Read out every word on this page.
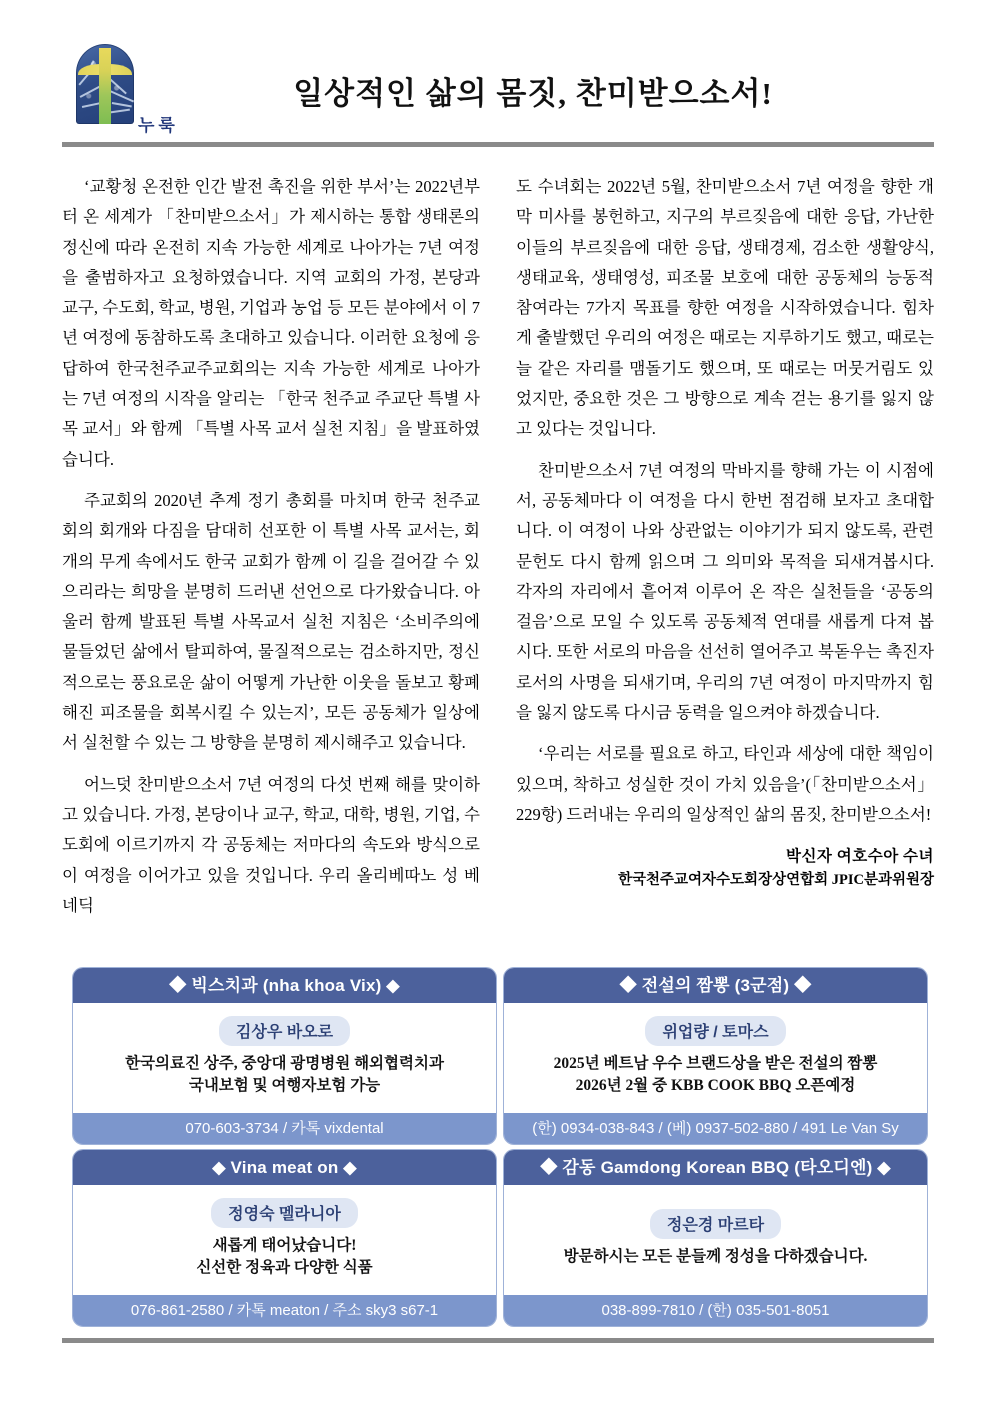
누룩
일상적인 삶의 몸짓, 찬미받으소서!

‘교황청 온전한 인간 발전 촉진을 위한 부서’는 2022년부터 온 세계가 「찬미받으소서」가 제시하는 통합 생태론의 정신에 따라 온전히 지속 가능한 세계로 나아가는 7년 여정을 출범하자고 요청하였습니다. 지역 교회의 가정, 본당과 교구, 수도회, 학교, 병원, 기업과 농업 등 모든 분야에서 이 7년 여정에 동참하도록 초대하고 있습니다. 이러한 요청에 응답하여 한국천주교주교회의는 지속 가능한 세계로 나아가는 7년 여정의 시작을 알리는 「한국 천주교 주교단 특별 사목 교서」와 함께 「특별 사목 교서 실천 지침」을 발표하였습니다.

주교회의 2020년 추계 정기 총회를 마치며 한국 천주교회의 회개와 다짐을 담대히 선포한 이 특별 사목 교서는, 회개의 무게 속에서도 한국 교회가 함께 이 길을 걸어갈 수 있으리라는 희망을 분명히 드러낸 선언으로 다가왔습니다. 아울러 함께 발표된 특별 사목교서 실천 지침은 ‘소비주의에 물들었던 삶에서 탈피하여, 물질적으로는 검소하지만, 정신적으로는 풍요로운 삶이 어떻게 가난한 이웃을 돌보고 황폐해진 피조물을 회복시킬 수 있는지’, 모든 공동체가 일상에서 실천할 수 있는 그 방향을 분명히 제시해주고 있습니다.

어느덧 찬미받으소서 7년 여정의 다섯 번째 해를 맞이하고 있습니다. 가정, 본당이나 교구, 학교, 대학, 병원, 기업, 수도회에 이르기까지 각 공동체는 저마다의 속도와 방식으로 이 여정을 이어가고 있을 것입니다. 우리 올리베따노 성 베네딕

도 수녀회는 2022년 5월, 찬미받으소서 7년 여정을 향한 개막 미사를 봉헌하고, 지구의 부르짖음에 대한 응답, 가난한 이들의 부르짖음에 대한 응답, 생태경제, 검소한 생활양식, 생태교육, 생태영성, 피조물 보호에 대한 공동체의 능동적 참여라는 7가지 목표를 향한 여정을 시작하였습니다. 힘차게 출발했던 우리의 여정은 때로는 지루하기도 했고, 때로는 늘 같은 자리를 맴돌기도 했으며, 또 때로는 머뭇거림도 있었지만, 중요한 것은 그 방향으로 계속 걷는 용기를 잃지 않고 있다는 것입니다.

찬미받으소서 7년 여정의 막바지를 향해 가는 이 시점에서, 공동체마다 이 여정을 다시 한번 점검해 보자고 초대합니다. 이 여정이 나와 상관없는 이야기가 되지 않도록, 관련 문헌도 다시 함께 읽으며 그 의미와 목적을 되새겨봅시다. 각자의 자리에서 흩어져 이루어 온 작은 실천들을 ‘공동의 걸음’으로 모일 수 있도록 공동체적 연대를 새롭게 다져 봅시다. 또한 서로의 마음을 선선히 열어주고 북돋우는 촉진자로서의 사명을 되새기며, 우리의 7년 여정이 마지막까지 힘을 잃지 않도록 다시금 동력을 일으켜야 하겠습니다.

‘우리는 서로를 필요로 하고, 타인과 세상에 대한 책임이 있으며, 착하고 성실한 것이 가치 있음을’(「찬미받으소서」 229항) 드러내는 우리의 일상적인 삶의 몸짓, 찬미받으소서!

박신자 여호수아 수녀
한국천주교여자수도회장상연합회 JPIC분과위원장
◆ 빅스치과 (nha khoa Vix) ◆
김상우 바오로
한국의료진 상주, 중앙대 광명병원 해외협력치과
국내보험 및 여행자보험 가능
070-603-3734 / 카톡 vixdental
◆ 전설의 짬뽕 (3군점) ◆
위업량 / 토마스
2025년 베트남 우수 브랜드상을 받은 전설의 짬뽕
2026년 2월 중 KBB COOK BBQ 오픈예정
(한) 0934-038-843 / (베) 0937-502-880 / 491 Le Van Sy
◆ Vina meat on ◆
정영숙 멜라니아
새롭게 태어났습니다!
신선한 정육과 다양한 식품
076-861-2580 / 카톡 meaton / 주소 sky3 s67-1
◆ 감동 Gamdong Korean BBQ (타오디엔) ◆
정은경 마르타
방문하시는 모든 분들께 정성을 다하겠습니다.
038-899-7810 / (한) 035-501-8051
